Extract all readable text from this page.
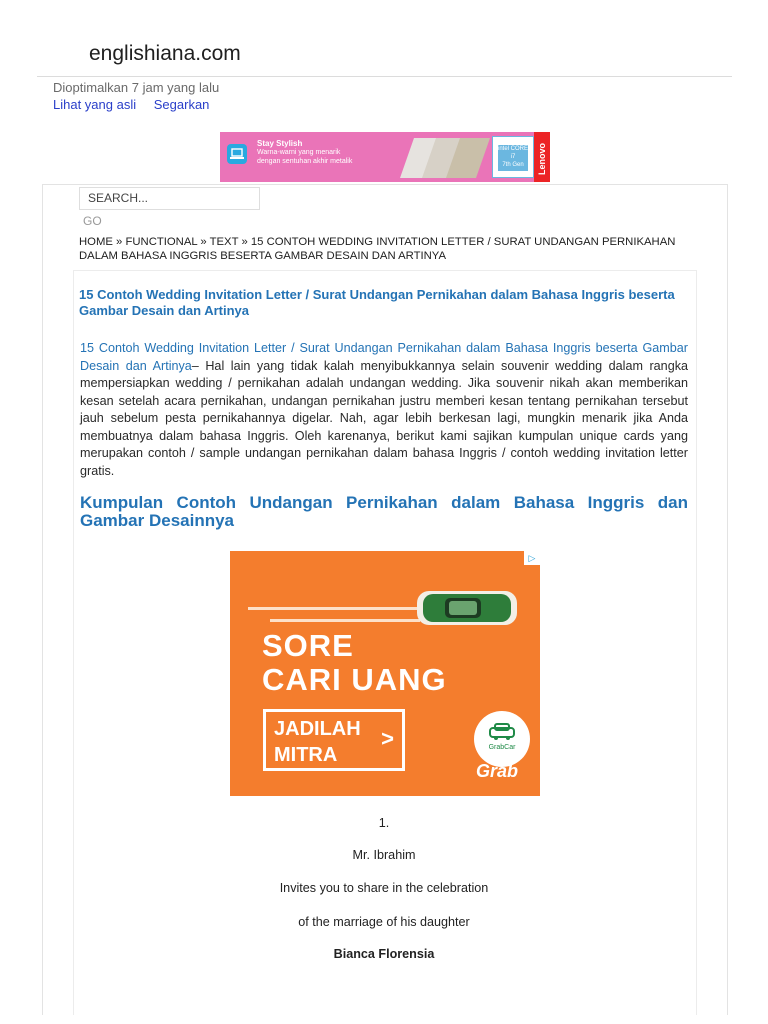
englishiana.com
Dioptimalkan 7 jam yang lalu
Lihat yang asli Segarkan
Stay Stylish
Warna-warni yang menarik
dengan sentuhan akhir metalik
intel CORE i7
7th Gen	Lenovo
SEARCH...
GO
HOME » FUNCTIONAL » TEXT » 15 CONTOH WEDDING INVITATION LETTER / SURAT UNDANGAN PERNIKAHAN DALAM BAHASA INGGRIS BESERTA GAMBAR DESAIN DAN ARTINYA
15 Contoh Wedding Invitation Letter / Surat Undangan Pernikahan dalam Bahasa Inggris beserta Gambar Desain dan Artinya
15 Contoh Wedding Invitation Letter / Surat Undangan Pernikahan dalam Bahasa Inggris beserta Gambar Desain dan Artinya– Hal lain yang tidak kalah menyibukkannya selain souvenir wedding dalam rangka mempersiapkan wedding / pernikahan adalah undangan wedding. Jika souvenir nikah akan memberikan kesan setelah acara pernikahan, undangan pernikahan justru memberi kesan tentang pernikahan tersebut jauh sebelum pesta pernikahannya digelar. Nah, agar lebih berkesan lagi, mungkin menarik jika Anda membuatnya dalam bahasa Inggris. Oleh karenanya, berikut kami sajikan kumpulan unique cards yang merupakan contoh / sample undangan pernikahan dalam bahasa Inggris / contoh wedding invitation letter gratis.
Kumpulan Contoh Undangan Pernikahan dalam Bahasa Inggris dan Gambar Desainnya
▷
SORE
CARI UANG
JADILAH
MITRA
>	GrabCar
Grab
1.
Mr. Ibrahim
Invites you to share in the celebration
of the marriage of his daughter
Bianca Florensia
